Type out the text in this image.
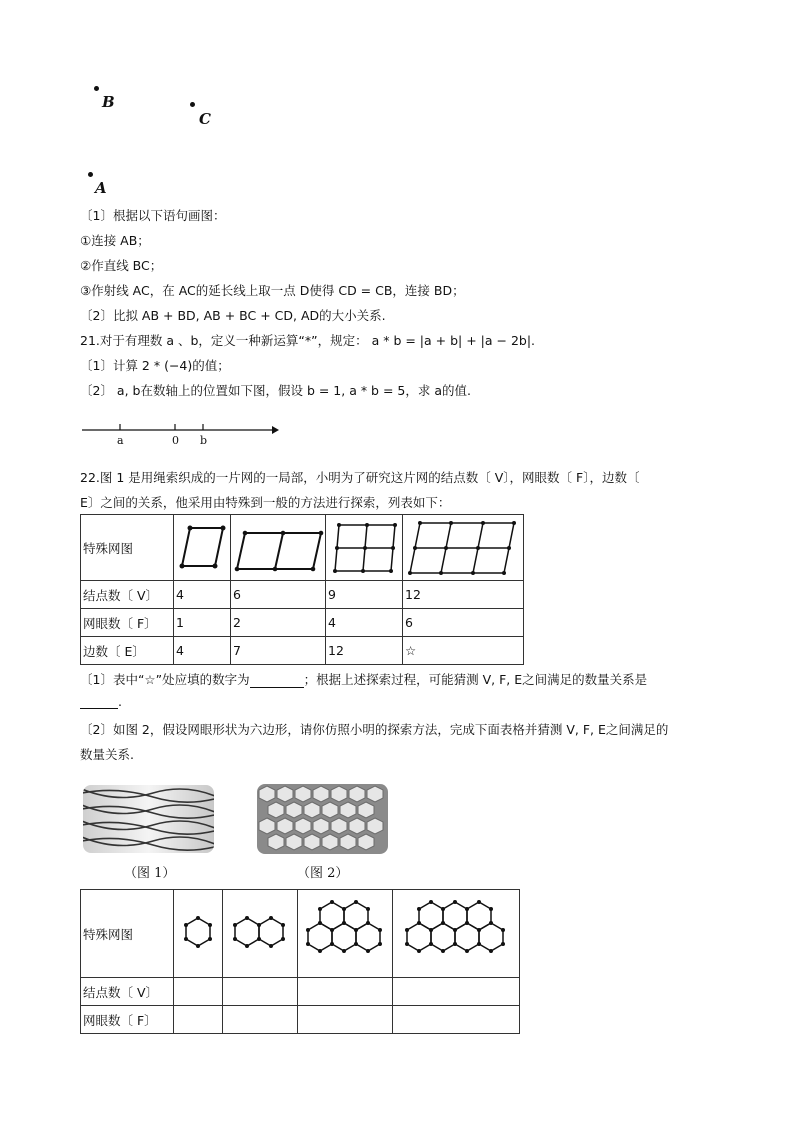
B
C
A
〔1〕根据以下语句画图：
①连接 AB；
②作直线 BC；
③作射线 AC，在 AC的延长线上取一点 D使得 CD = CB，连接 BD；
〔2〕比拟 AB + BD, AB + BC + CD, AD的大小关系.
21.对于有理数 a 、b，定义一种新运算“*”，规定： a * b = |a + b| + |a − 2b|.
〔1〕计算 2 * (−4)的值；
〔2〕 a, b在数轴上的位置如下图，假设 b = 1, a * b = 5，求 a的值.
a	0 b
22.图 1 是用绳索织成的一片网的一局部，小明为了研究这片网的结点数〔 V〕，网眼数〔 F〕，边数〔
E〕之间的关系，他采用由特殊到一般的方法进行探索，列表如下：
特殊网图				
结点数〔 V〕	4	6	9	12
网眼数〔 F〕	1	2	4	6
边数〔 E〕	4	7	12	☆
〔1〕表中“☆”处应填的数字为	；根据上述探索过程，可能猜测 V, F, E之间满足的数量关系是
.
〔2〕如图 2，假设网眼形状为六边形，请你仿照小明的探索方法，完成下面表格并猜测 V, F, E之间满足的
数量关系.
（图 1）	（图 2）
特殊网图				
结点数〔 V〕				
网眼数〔 F〕				
